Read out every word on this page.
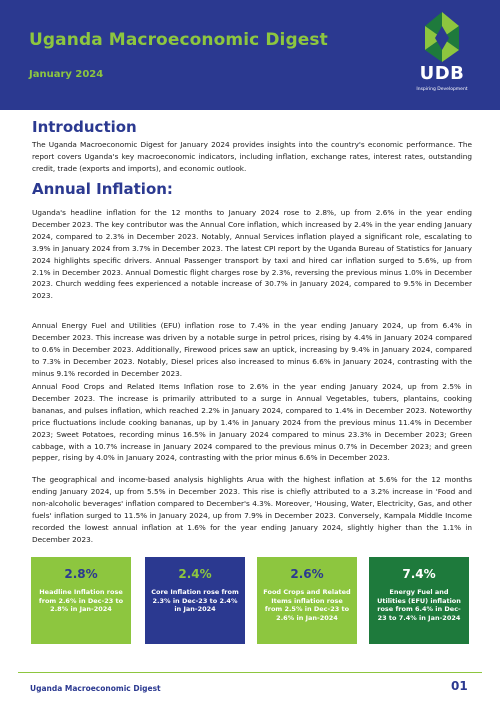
Uganda Macroeconomic Digest
January 2024	UDB
Inspiring Development
Introduction
The Uganda Macroeconomic Digest for January 2024 provides insights into the country's economic performance. The report covers Uganda's key macroeconomic indicators, including inflation, exchange rates, interest rates, outstanding credit, trade (exports and imports), and economic outlook.
Annual Inflation:
Uganda's headline inflation for the 12 months to January 2024 rose to 2.8%, up from 2.6% in the year ending December 2023. The key contributor was the Annual Core inflation, which increased by 2.4% in the year ending January 2024, compared to 2.3% in December 2023. Notably, Annual Services inflation played a significant role, escalating to 3.9% in January 2024 from 3.7% in December 2023. The latest CPI report by the Uganda Bureau of Statistics for January 2024 highlights specific drivers. Annual Passenger transport by taxi and hired car inflation surged to 5.6%, up from 2.1% in December 2023. Annual Domestic flight charges rose by 2.3%, reversing the previous minus 1.0% in December 2023. Church wedding fees experienced a notable increase of 30.7% in January 2024, compared to 9.5% in December 2023.
Annual Energy Fuel and Utilities (EFU) inflation rose to 7.4% in the year ending January 2024, up from 6.4% in December 2023. This increase was driven by a notable surge in petrol prices, rising by 4.4% in January 2024 compared to 0.6% in December 2023. Additionally, Firewood prices saw an uptick, increasing by 9.4% in January 2024, compared to 7.3% in December 2023. Notably, Diesel prices also increased to minus 6.6% in January 2024, contrasting with the minus 9.1% recorded in December 2023.
Annual Food Crops and Related Items Inflation rose to 2.6% in the year ending January 2024, up from 2.5% in December 2023. The increase is primarily attributed to a surge in Annual Vegetables, tubers, plantains, cooking bananas, and pulses inflation, which reached 2.2% in January 2024, compared to 1.4% in December 2023. Noteworthy price fluctuations include cooking bananas, up by 1.4% in January 2024 from the previous minus 11.4% in December 2023; Sweet Potatoes, recording minus 16.5% in January 2024 compared to minus 23.3% in December 2023; Green cabbage, with a 10.7% increase in January 2024 compared to the previous minus 0.7% in December 2023; and green pepper, rising by 4.0% in January 2024, contrasting with the prior minus 6.6% in December 2023.
The geographical and income-based analysis highlights Arua with the highest inflation at 5.6% for the 12 months ending January 2024, up from 5.5% in December 2023. This rise is chiefly attributed to a 3.2% increase in 'Food and non-alcoholic beverages' inflation compared to December's 4.3%. Moreover, 'Housing, Water, Electricity, Gas, and other fuels' inflation surged to 11.5% in January 2024, up from 7.9% in December 2023. Conversely, Kampala Middle Income recorded the lowest annual inflation at 1.6% for the year ending January 2024, slightly higher than the 1.1% in December 2023.
2.8%
Headline Inflation rose from 2.6% in Dec-23 to 2.8% in Jan-2024
2.4%
Core Inflation rose from 2.3% in Dec-23 to 2.4% in Jan-2024
2.6%
Food Crops and Related Items inflation rose from 2.5% in Dec-23 to 2.6% in Jan-2024
7.4%
Energy Fuel and Utilities (EFU) inflation rose from 6.4% in Dec-23 to 7.4% in Jan-2024
Uganda Macroeconomic Digest	01
